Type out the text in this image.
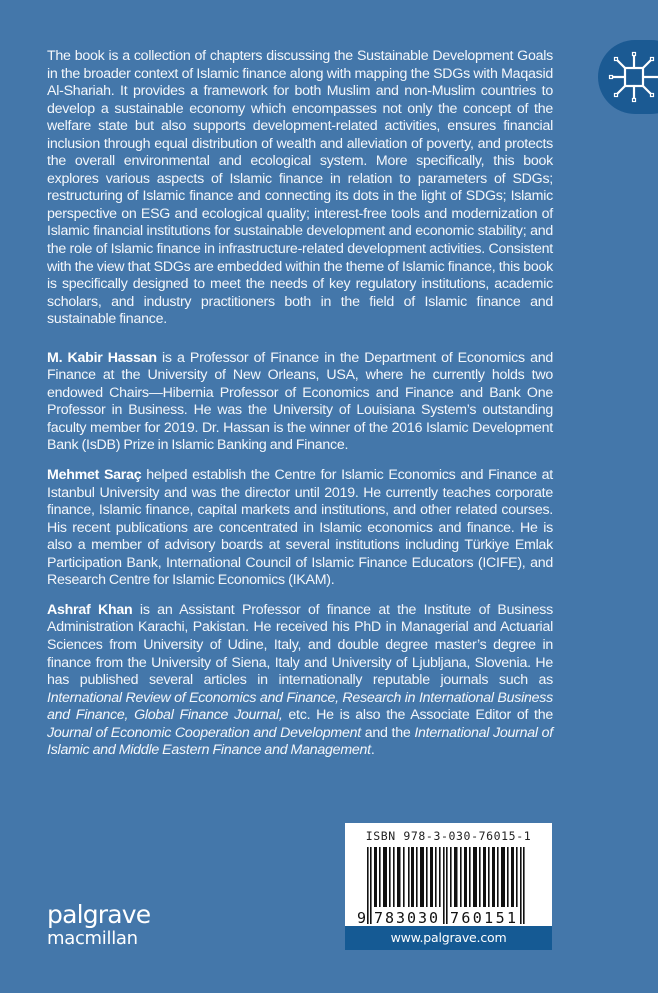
The book is a collection of chapters discussing the Sustainable Development Goals in the broader context of Islamic finance along with mapping the SDGs with Maqasid Al-Shariah. It provides a framework for both Muslim and non-Muslim countries to develop a sustainable economy which encompasses not only the concept of the welfare state but also supports development-related activities, ensures financial inclusion through equal distribution of wealth and alleviation of poverty, and protects the overall environmental and ecological system. More specifically, this book explores various aspects of Islamic finance in relation to parameters of SDGs; restructuring of Islamic finance and connecting its dots in the light of SDGs; Islamic perspective on ESG and ecological quality; interest-free tools and modernization of Islamic financial institutions for sustainable development and economic stability; and the role of Islamic finance in infrastructure-related development activities. Consistent with the view that SDGs are embedded within the theme of Islamic finance, this book is specifically designed to meet the needs of key regulatory institutions, academic scholars, and industry practitioners both in the field of Islamic finance and sustainable finance.

M. Kabir Hassan is a Professor of Finance in the Department of Economics and Finance at the University of New Orleans, USA, where he currently holds two endowed Chairs—Hibernia Professor of Economics and Finance and Bank One Professor in Business. He was the University of Louisiana System’s outstanding faculty member for 2019. Dr. Hassan is the winner of the 2016 Islamic Development Bank (IsDB) Prize in Islamic Banking and Finance.

Mehmet Saraç helped establish the Centre for Islamic Economics and Finance at Istanbul University and was the director until 2019. He currently teaches corporate finance, Islamic finance, capital markets and institutions, and other related courses. His recent publications are concentrated in Islamic economics and finance. He is also a member of advisory boards at several institutions including Türkiye Emlak Participation Bank, International Council of Islamic Finance Educators (ICIFE), and Research Centre for Islamic Economics (IKAM).

Ashraf Khan is an Assistant Professor of finance at the Institute of Business Administration Karachi, Pakistan. He received his PhD in Managerial and Actuarial Sciences from University of Udine, Italy, and double degree master’s degree in finance from the University of Siena, Italy and University of Ljubljana, Slovenia. He has published several articles in internationally reputable journals such as International Review of Economics and Finance, Research in International Business and Finance, Global Finance Journal, etc. He is also the Associate Editor of the Journal of Economic Cooperation and Development and the International Journal of Islamic and Middle Eastern Finance and Management.

palgrave
macmillan
ISBN 978-3-030-76015-1
9 783030 760151
www.palgrave.com
